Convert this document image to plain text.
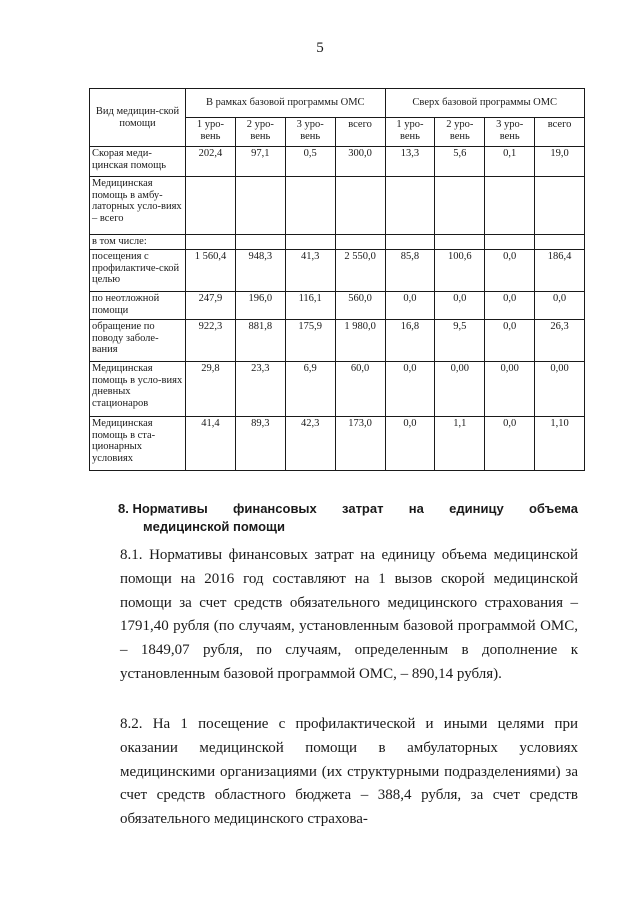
5
Вид медицин-ской помощи	В рамках базовой программы ОМС				Сверх базовой программы ОМС			
	1 уро-вень	2 уро-вень	3 уро-вень	всего	1 уро-вень	2 уро-вень	3 уро-вень	всего
Скорая меди-цинская помощь	202,4	97,1	0,5	300,0	13,3	5,6	0,1	19,0
Медицинская помощь в амбу-латорных усло-виях – всего								
в том числе:								
посещения с профилактиче-ской целью	1 560,4	948,3	41,3	2 550,0	85,8	100,6	0,0	186,4
по неотложной помощи	247,9	196,0	116,1	560,0	0,0	0,0	0,0	0,0
обращение по поводу заболе-вания	922,3	881,8	175,9	1 980,0	16,8	9,5	0,0	26,3
Медицинская помощь в усло-виях дневных стационаров	29,8	23,3	6,9	60,0	0,0	0,00	0,00	0,00
Медицинская помощь в ста-ционарных условиях	41,4	89,3	42,3	173,0	0,0	1,1	0,0	1,10
8. Нормативы финансовых затрат на единицу объема
медицинской помощи
8.1. Нормативы финансовых затрат на единицу объема медицинской помощи на 2016 год составляют на 1 вызов скорой медицинской помощи за счет средств обязательного медицинского страхования – 1791,40 рубля (по случаям, установленным базовой программой ОМС, – 1849,07 рубля, по случаям, определенным в дополнение к установленным базовой программой ОМС, – 890,14 рубля).
8.2. На 1 посещение с профилактической и иными целями при оказании медицинской помощи в амбулаторных условиях медицинскими организациями (их структурными подразделениями) за счет средств областного бюджета – 388,4 рубля, за счет средств обязательного медицинского страхова-
